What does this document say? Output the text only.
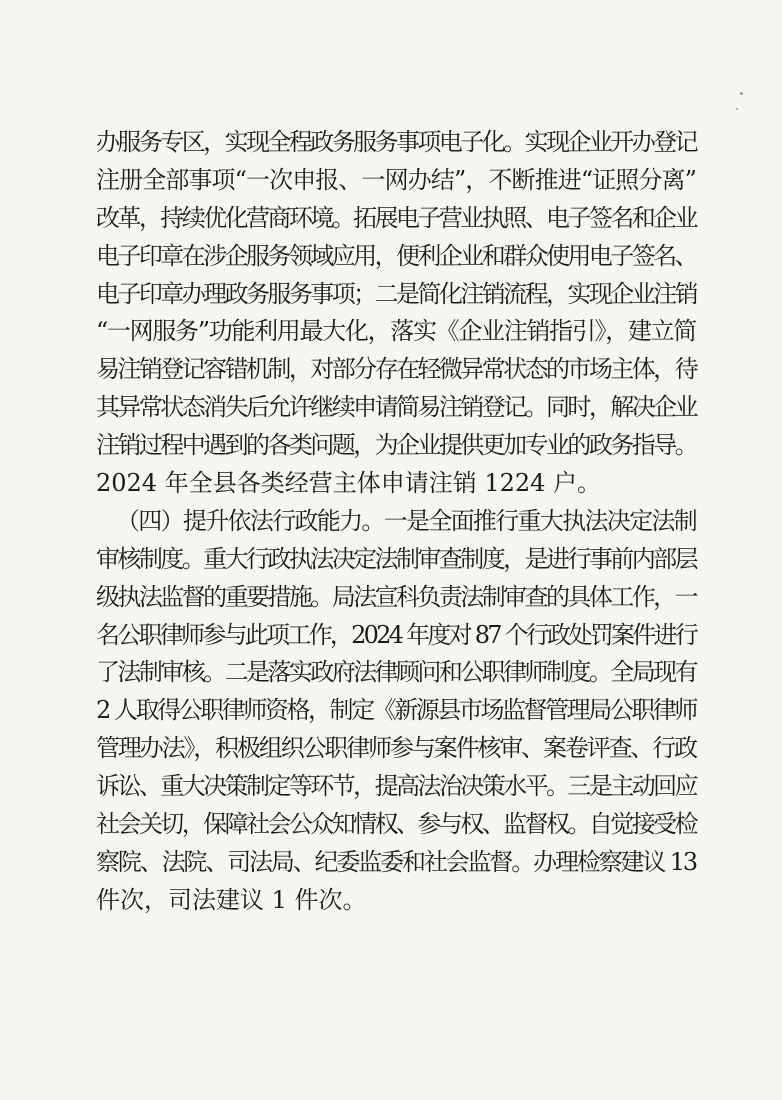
办服务专区，实现全程政务服务事项电子化。实现企业开办登记
注册全部事项“一次申报、一网办结”，不断推进“证照分离”
改革，持续优化营商环境。拓展电子营业执照、电子签名和企业
电子印章在涉企服务领域应用，便利企业和群众使用电子签名、
电子印章办理政务服务事项；二是简化注销流程，实现企业注销
“一网服务”功能利用最大化，落实《企业注销指引》，建立简
易注销登记容错机制，对部分存在轻微异常状态的市场主体，待
其异常状态消失后允许继续申请简易注销登记。同时，解决企业
注销过程中遇到的各类问题，为企业提供更加专业的政务指导。
2024 年全县各类经营主体申请注销 1224 户。
（四）提升依法行政能力。一是全面推行重大执法决定法制
审核制度。重大行政执法决定法制审查制度，是进行事前内部层
级执法监督的重要措施。局法宣科负责法制审查的具体工作，一
名公职律师参与此项工作，2024 年度对 87 个行政处罚案件进行
了法制审核。二是落实政府法律顾问和公职律师制度。全局现有
2 人取得公职律师资格，制定《新源县市场监督管理局公职律师
管理办法》，积极组织公职律师参与案件核审、案卷评查、行政
诉讼、重大决策制定等环节，提高法治决策水平。三是主动回应
社会关切，保障社会公众知情权、参与权、监督权。自觉接受检
察院、法院、司法局、纪委监委和社会监督。办理检察建议 13
件次，司法建议 1 件次。
